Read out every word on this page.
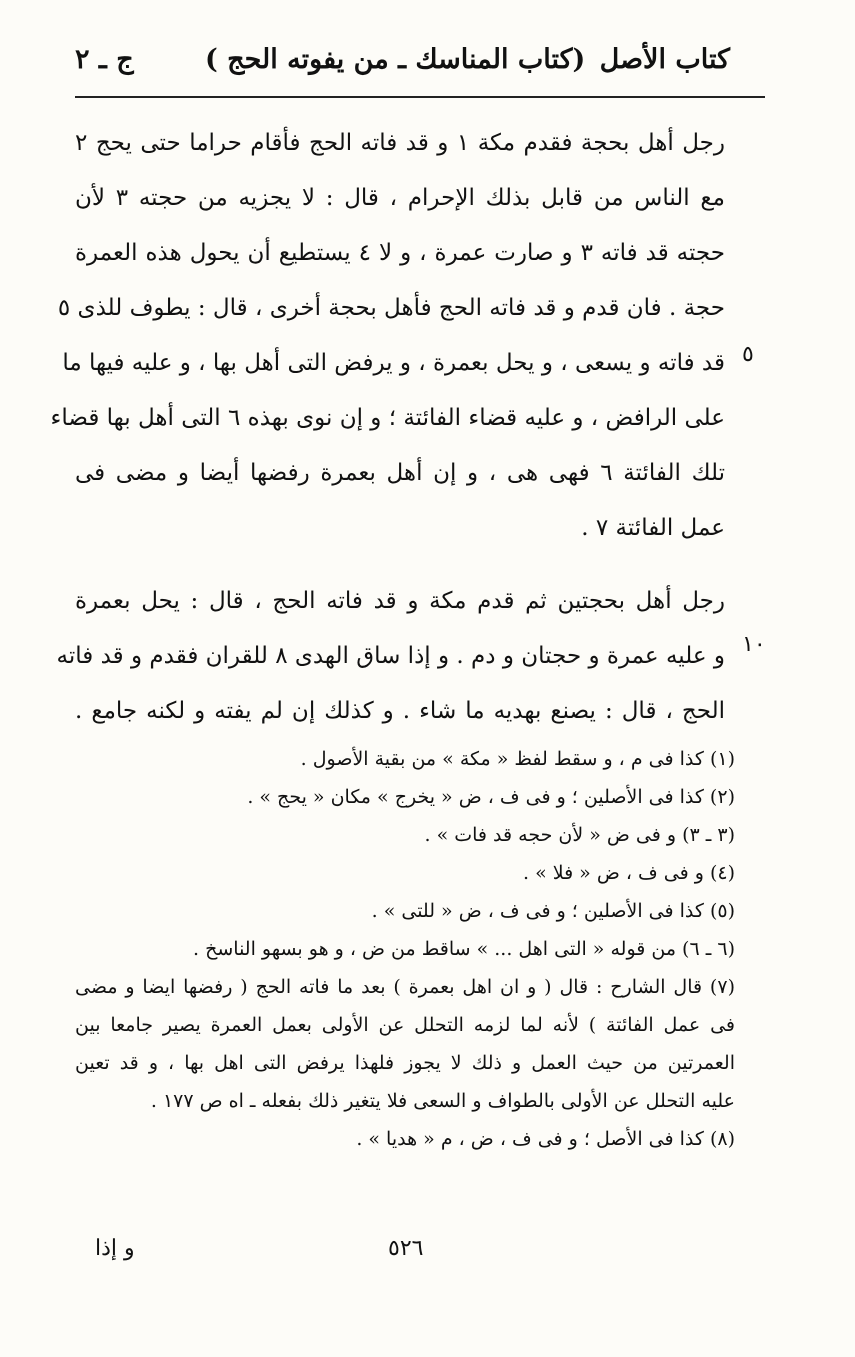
كتاب الأصل
(كتاب المناسك ـ من يفوته الحج )
ج ـ ٢
رجل أهل بحجة فقدم مكة ١ و قد فاته الحج فأقام حراما حتى يحج ٢
مع الناس من قابل بذلك الإحرام ، قال : لا يجزيه من حجته ٣ لأن
حجته قد فاته ٣ و صارت عمرة ، و لا ٤ يستطيع أن يحول هذه العمرة
حجة . فان قدم و قد فاته الحج فأهل بحجة أخرى ، قال : يطوف للذى ٥
قد فاته و يسعى ، و يحل بعمرة ، و يرفض التى أهل بها ، و عليه فيها ما
على الرافض ، و عليه قضاء الفائتة ؛ و إن نوى بهذه ٦ التى أهل بها قضاء
تلك الفائتة ٦ فهى هى ، و إن أهل بعمرة رفضها أيضا و مضى فى
عمل الفائتة ٧ .
رجل أهل بحجتين ثم قدم مكة و قد فاته الحج ، قال : يحل بعمرة
و عليه عمرة و حجتان و دم . و إذا ساق الهدى ٨ للقران فقدم و قد فاته
الحج ، قال : يصنع بهديه ما شاء . و كذلك إن لم يفته و لكنه جامع .
٥
١٠
(١) كذا فى م ، و سقط لفظ « مكة » من بقية الأصول .
(٢) كذا فى الأصلين ؛ و فى ف ، ض « يخرج » مكان « يحج » .
(٣ ـ ٣) و فى ض « لأن حجه قد فات » .
(٤) و فى ف ، ض « فلا » .
(٥) كذا فى الأصلين ؛ و فى ف ، ض « للتى » .
(٦ ـ ٦) من قوله « التى اهل ... » ساقط من ض ، و هو بسهو الناسخ .
(٧) قال الشارح : قال ( و ان اهل بعمرة ) بعد ما فاته الحج ( رفضها ايضا و مضى
فى عمل الفائتة ) لأنه لما لزمه التحلل عن الأولى بعمل العمرة يصير جامعا بين
العمرتين من حيث العمل و ذلك لا يجوز فلهذا يرفض التى اهل بها ، و قد تعين
عليه التحلل عن الأولى بالطواف و السعى فلا يتغير ذلك بفعله ـ اه ص ١٧٧ .
(٨) كذا فى الأصل ؛ و فى ف ، ض ، م « هديا » .
٥٢٦
و إذا
